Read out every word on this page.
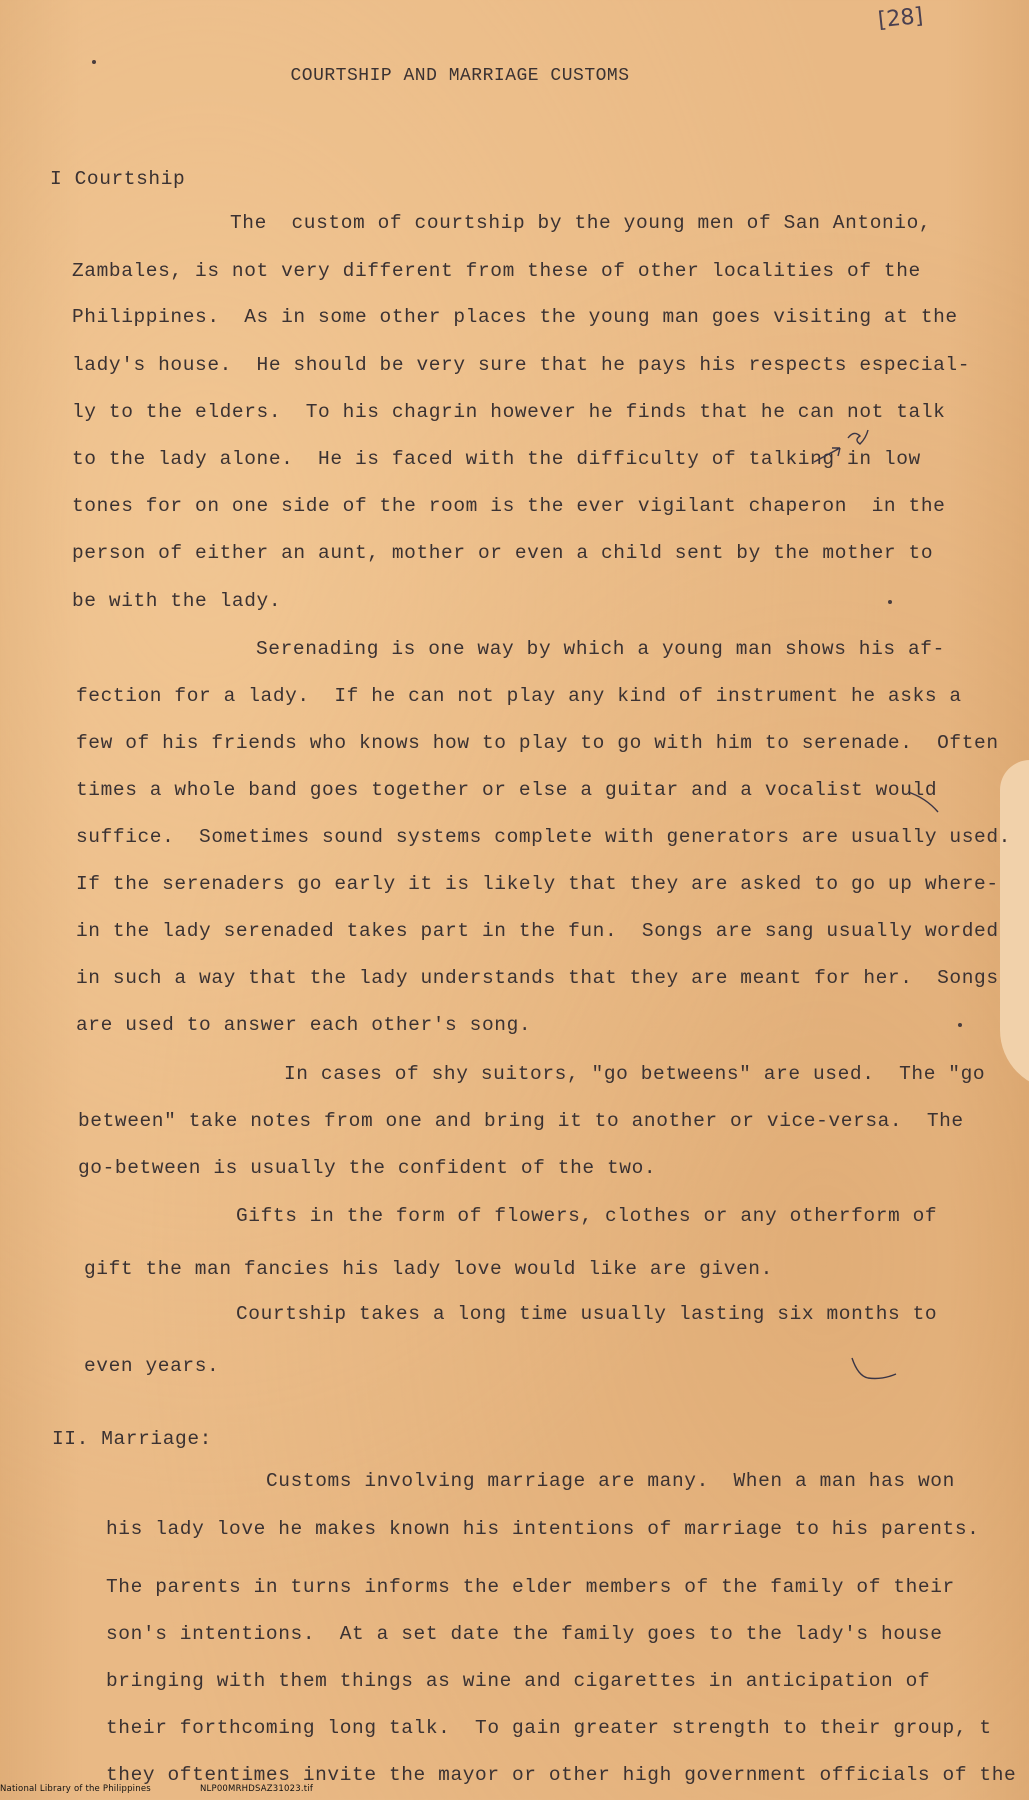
[28]
COURTSHIP AND MARRIAGE CUSTOMS
I Courtship
The  custom of courtship by the young men of San Antonio,
Zambales, is not very different from these of other localities of the
Philippines.  As in some other places the young man goes visiting at the
lady's house.  He should be very sure that he pays his respects especial-
ly to the elders.  To his chagrin however he finds that he can not talk
to the lady alone.  He is faced with the difficulty of talking in low
tones for on one side of the room is the ever vigilant chaperon  in the
person of either an aunt, mother or even a child sent by the mother to
be with the lady.
Serenading is one way by which a young man shows his af-
fection for a lady.  If he can not play any kind of instrument he asks a
few of his friends who knows how to play to go with him to serenade.  Often
times a whole band goes together or else a guitar and a vocalist would
suffice.  Sometimes sound systems complete with generators are usually used.
If the serenaders go early it is likely that they are asked to go up where-
in the lady serenaded takes part in the fun.  Songs are sang usually worded
in such a way that the lady understands that they are meant for her.  Songs
are used to answer each other's song.
In cases of shy suitors, "go betweens" are used.  The "go
between" take notes from one and bring it to another or vice-versa.  The
go-between is usually the confident of the two.
Gifts in the form of flowers, clothes or any otherform of
gift the man fancies his lady love would like are given.
Courtship takes a long time usually lasting six months to
even years.
II. Marriage:
Customs involving marriage are many.  When a man has won
his lady love he makes known his intentions of marriage to his parents.
The parents in turns informs the elder members of the family of their
son's intentions.  At a set date the family goes to the lady's house
bringing with them things as wine and cigarettes in anticipation of
their forthcoming long talk.  To gain greater strength to their group, t
they oftentimes invite the mayor or other high government officials of the
National Library of the Philippines	NLP00MRHDSAZ31023.tif
